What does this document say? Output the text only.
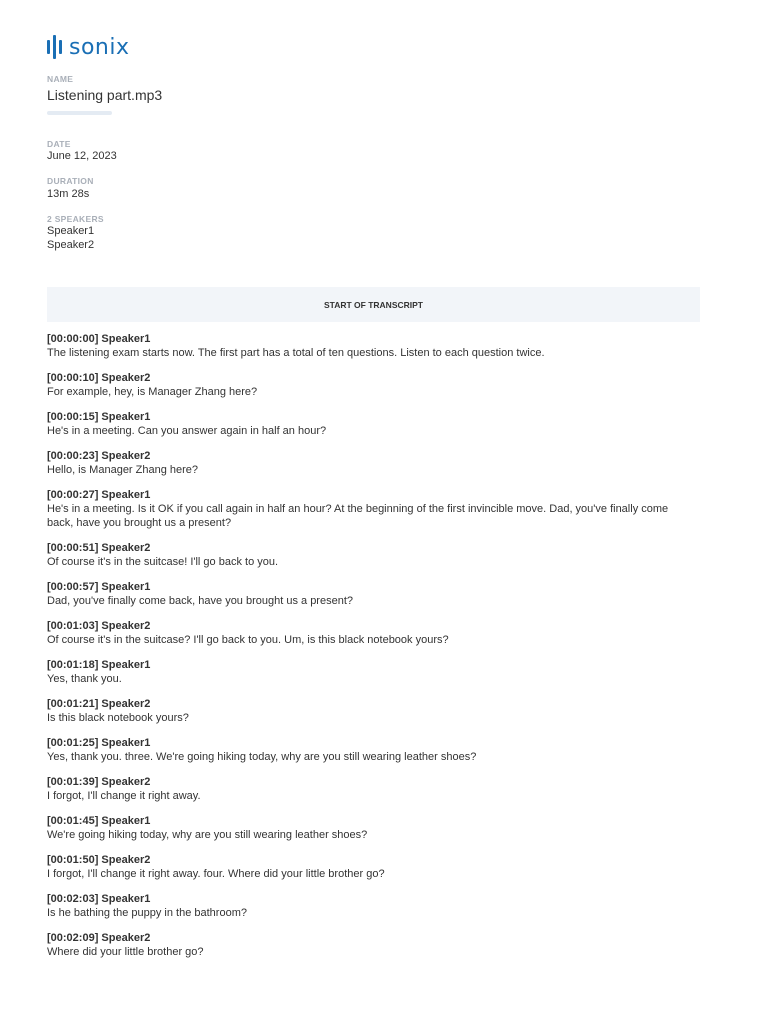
sonix
NAME
Listening part.mp3
DATE
June 12, 2023
DURATION
13m 28s
2 SPEAKERS
Speaker1
Speaker2
START OF TRANSCRIPT
[00:00:00] Speaker1
The listening exam starts now. The first part has a total of ten questions. Listen to each question twice.
[00:00:10] Speaker2
For example, hey, is Manager Zhang here?
[00:00:15] Speaker1
He's in a meeting. Can you answer again in half an hour?
[00:00:23] Speaker2
Hello, is Manager Zhang here?
[00:00:27] Speaker1
He's in a meeting. Is it OK if you call again in half an hour? At the beginning of the first invincible move. Dad, you've finally come back, have you brought us a present?
[00:00:51] Speaker2
Of course it's in the suitcase! I'll go back to you.
[00:00:57] Speaker1
Dad, you've finally come back, have you brought us a present?
[00:01:03] Speaker2
Of course it's in the suitcase? I'll go back to you. Um, is this black notebook yours?
[00:01:18] Speaker1
Yes, thank you.
[00:01:21] Speaker2
Is this black notebook yours?
[00:01:25] Speaker1
Yes, thank you. three. We're going hiking today, why are you still wearing leather shoes?
[00:01:39] Speaker2
I forgot, I'll change it right away.
[00:01:45] Speaker1
We're going hiking today, why are you still wearing leather shoes?
[00:01:50] Speaker2
I forgot, I'll change it right away. four. Where did your little brother go?
[00:02:03] Speaker1
Is he bathing the puppy in the bathroom?
[00:02:09] Speaker2
Where did your little brother go?
